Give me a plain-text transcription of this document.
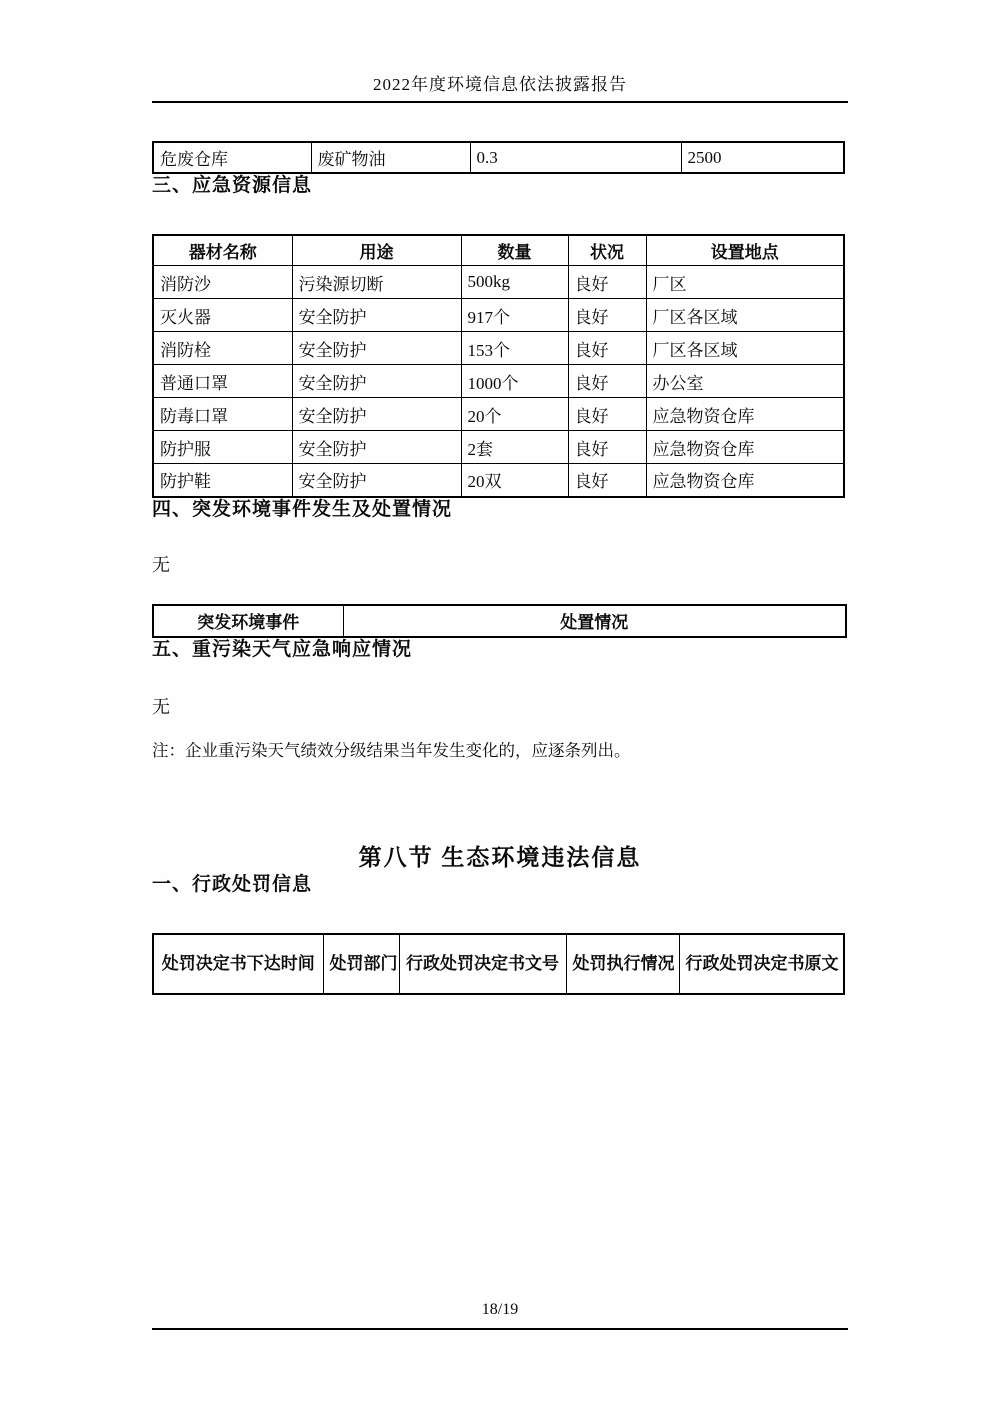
2022年度环境信息依法披露报告
危废仓库	废矿物油	0.3	2500
三、应急资源信息
器材名称	用途	数量	状况	设置地点
消防沙	污染源切断	500kg	良好	厂区
灭火器	安全防护	917个	良好	厂区各区域
消防栓	安全防护	153个	良好	厂区各区域
普通口罩	安全防护	1000个	良好	办公室
防毒口罩	安全防护	20个	良好	应急物资仓库
防护服	安全防护	2套	良好	应急物资仓库
防护鞋	安全防护	20双	良好	应急物资仓库
四、突发环境事件发生及处置情况
无
突发环境事件	处置情况
五、重污染天气应急响应情况
无
注：企业重污染天气绩效分级结果当年发生变化的，应逐条列出。
第八节 生态环境违法信息
一、行政处罚信息
处罚决定书下达时间	处罚部门	行政处罚决定书文号	处罚执行情况	行政处罚决定书原文
18/19
